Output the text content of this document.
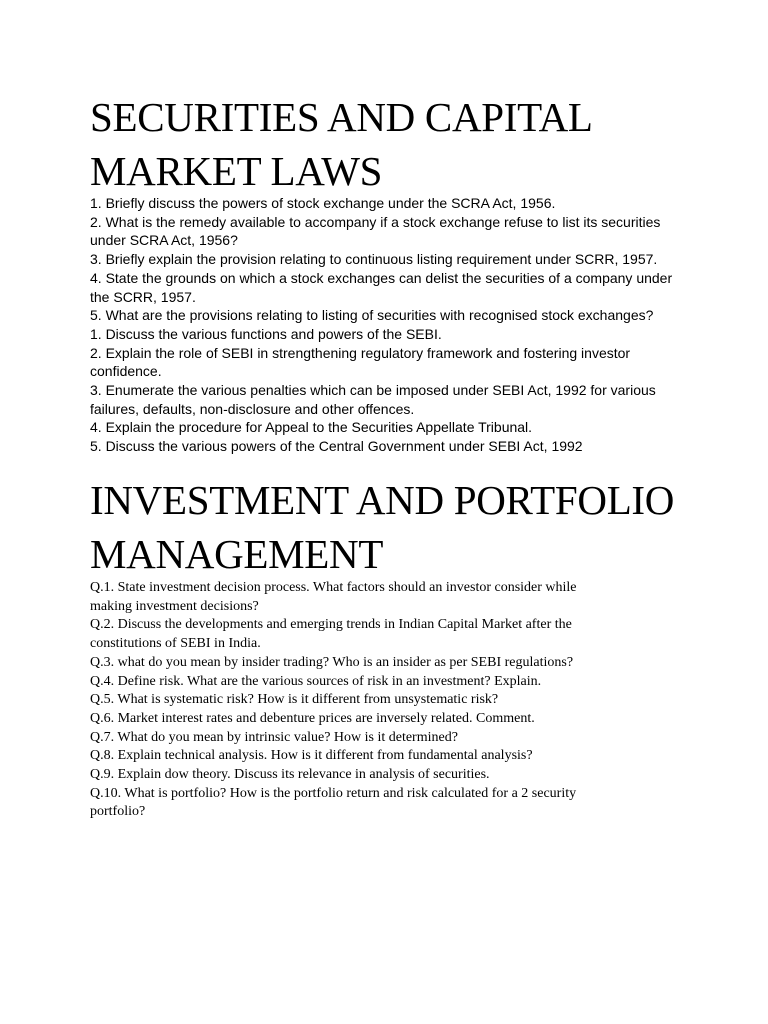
SECURITIES AND CAPITAL
MARKET LAWS
1. Briefly discuss the powers of stock exchange under the SCRA Act, 1956.
2. What is the remedy available to accompany if a stock exchange refuse to list its securities
under SCRA Act, 1956?
3. Briefly explain the provision relating to continuous listing requirement under SCRR, 1957.
4. State the grounds on which a stock exchanges can delist the securities of a company under
the SCRR, 1957.
5. What are the provisions relating to listing of securities with recognised stock exchanges?
1. Discuss the various functions and powers of the SEBI.
2. Explain the role of SEBI in strengthening regulatory framework and fostering investor
confidence.
3. Enumerate the various penalties which can be imposed under SEBI Act, 1992 for various
failures, defaults, non-disclosure and other offences.
4. Explain the procedure for Appeal to the Securities Appellate Tribunal.
5. Discuss the various powers of the Central Government under SEBI Act, 1992
INVESTMENT AND PORTFOLIO
MANAGEMENT
Q.1. State investment decision process. What factors should an investor consider while
making investment decisions?
Q.2. Discuss the developments and emerging trends in Indian Capital Market after the
constitutions of SEBI in India.
Q.3. what do you mean by insider trading? Who is an insider as per SEBI regulations?
Q.4. Define risk. What are the various sources of risk in an investment? Explain.
Q.5. What is systematic risk? How is it different from unsystematic risk?
Q.6. Market interest rates and debenture prices are inversely related. Comment.
Q.7. What do you mean by intrinsic value? How is it determined?
Q.8. Explain technical analysis. How is it different from fundamental analysis?
Q.9. Explain dow theory. Discuss its relevance in analysis of securities.
Q.10. What is portfolio? How is the portfolio return and risk calculated for a 2 security
portfolio?
